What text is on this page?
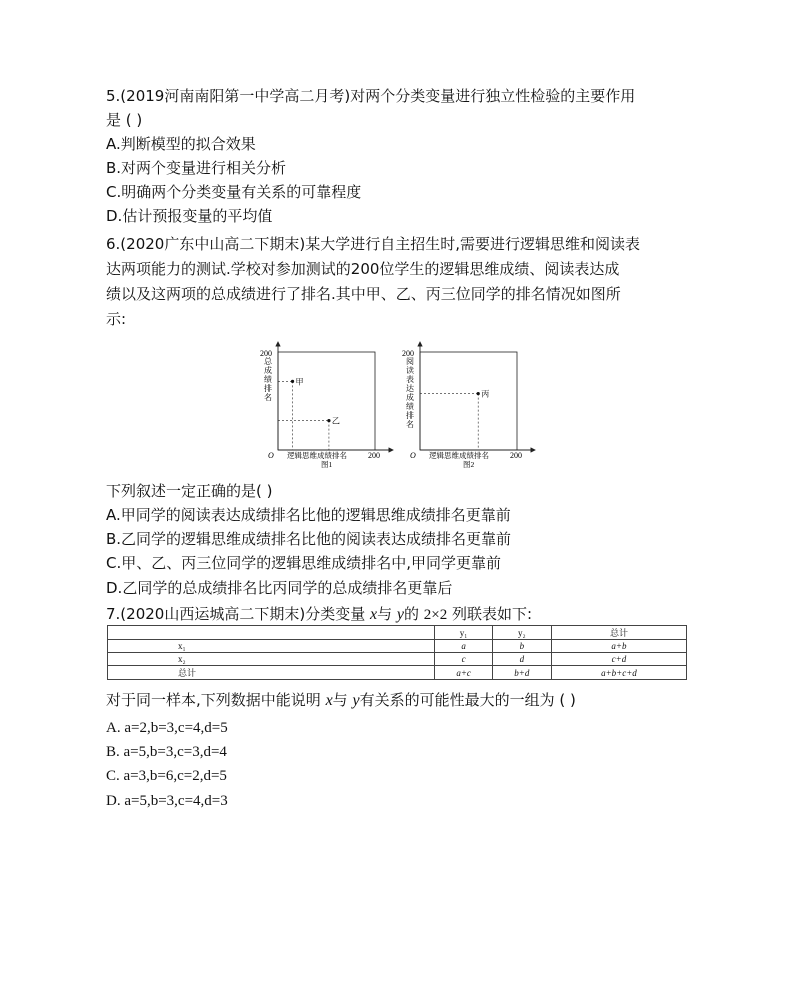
5.(2019河南南阳第一中学高二月考)对两个分类变量进行独立性检验的主要作用
是 ( )
A.判断模型的拟合效果
B.对两个变量进行相关分析
C.明确两个分类变量有关系的可靠程度
D.估计预报变量的平均值
6.(2020广东中山高二下期末)某大学进行自主招生时,需要进行逻辑思维和阅读表
达两项能力的测试.学校对参加测试的200位学生的逻辑思维成绩、阅读表达成
绩以及这两项的总成绩进行了排名.其中甲、乙、丙三位同学的排名情况如图所
示:
200
O	200
逻辑思维成绩排名
图1
总
成
绩
排
名
甲
乙
200
O	200
逻辑思维成绩排名
图2
阅
读
表
达
成
绩
排
名
丙
下列叙述一定正确的是( )
A.甲同学的阅读表达成绩排名比他的逻辑思维成绩排名更靠前
B.乙同学的逻辑思维成绩排名比他的阅读表达成绩排名更靠前
C.甲、乙、丙三位同学的逻辑思维成绩排名中,甲同学更靠前
D.乙同学的总成绩排名比丙同学的总成绩排名更靠后
7.(2020山西运城高二下期末)分类变量 x与 y的 2×2 列联表如下:
	y₁	y₂	总计
x₁	a	b	a+b
x₂	c	d	c+d
总计	a+c	b+d	a+b+c+d
对于同一样本,下列数据中能说明 x与 y有关系的可能性最大的一组为 ( )
A. a=2,b=3,c=4,d=5
B. a=5,b=3,c=3,d=4
C. a=3,b=6,c=2,d=5
D. a=5,b=3,c=4,d=3
